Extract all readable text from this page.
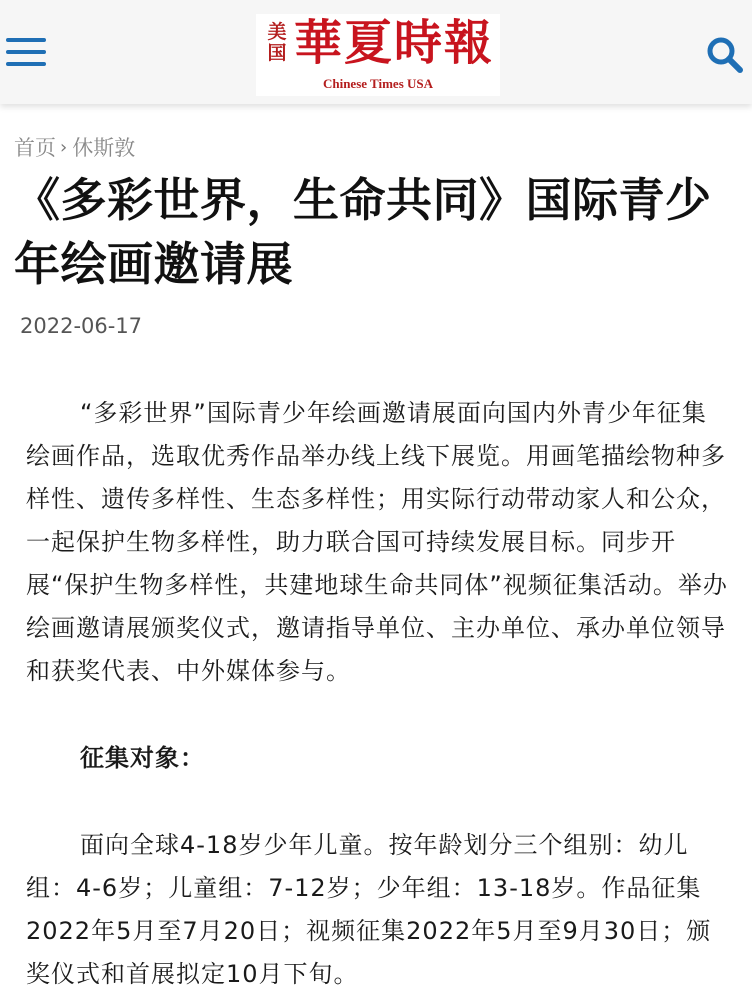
美国 華夏時報
Chinese Times USA
首页 › 休斯敦
《多彩世界，生命共同》国际青少年绘画邀请展
2022-06-17

“多彩世界”国际青少年绘画邀请展面向国内外青少年征集绘画作品，选取优秀作品举办线上线下展览。用画笔描绘物种多样性、遗传多样性、生态多样性；用实际行动带动家人和公众，一起保护生物多样性，助力联合国可持续发展目标。同步开展“保护生物多样性，共建地球生命共同体”视频征集活动。举办绘画邀请展颁奖仪式，邀请指导单位、主办单位、承办单位领导和获奖代表、中外媒体参与。

征集对象：

面向全球4-18岁少年儿童。按年龄划分三个组别：幼儿组：4-6岁；儿童组：7-12岁；少年组：13-18岁。作品征集2022年5月至7月20日；视频征集2022年5月至9月30日；颁奖仪式和首展拟定10月下旬。
